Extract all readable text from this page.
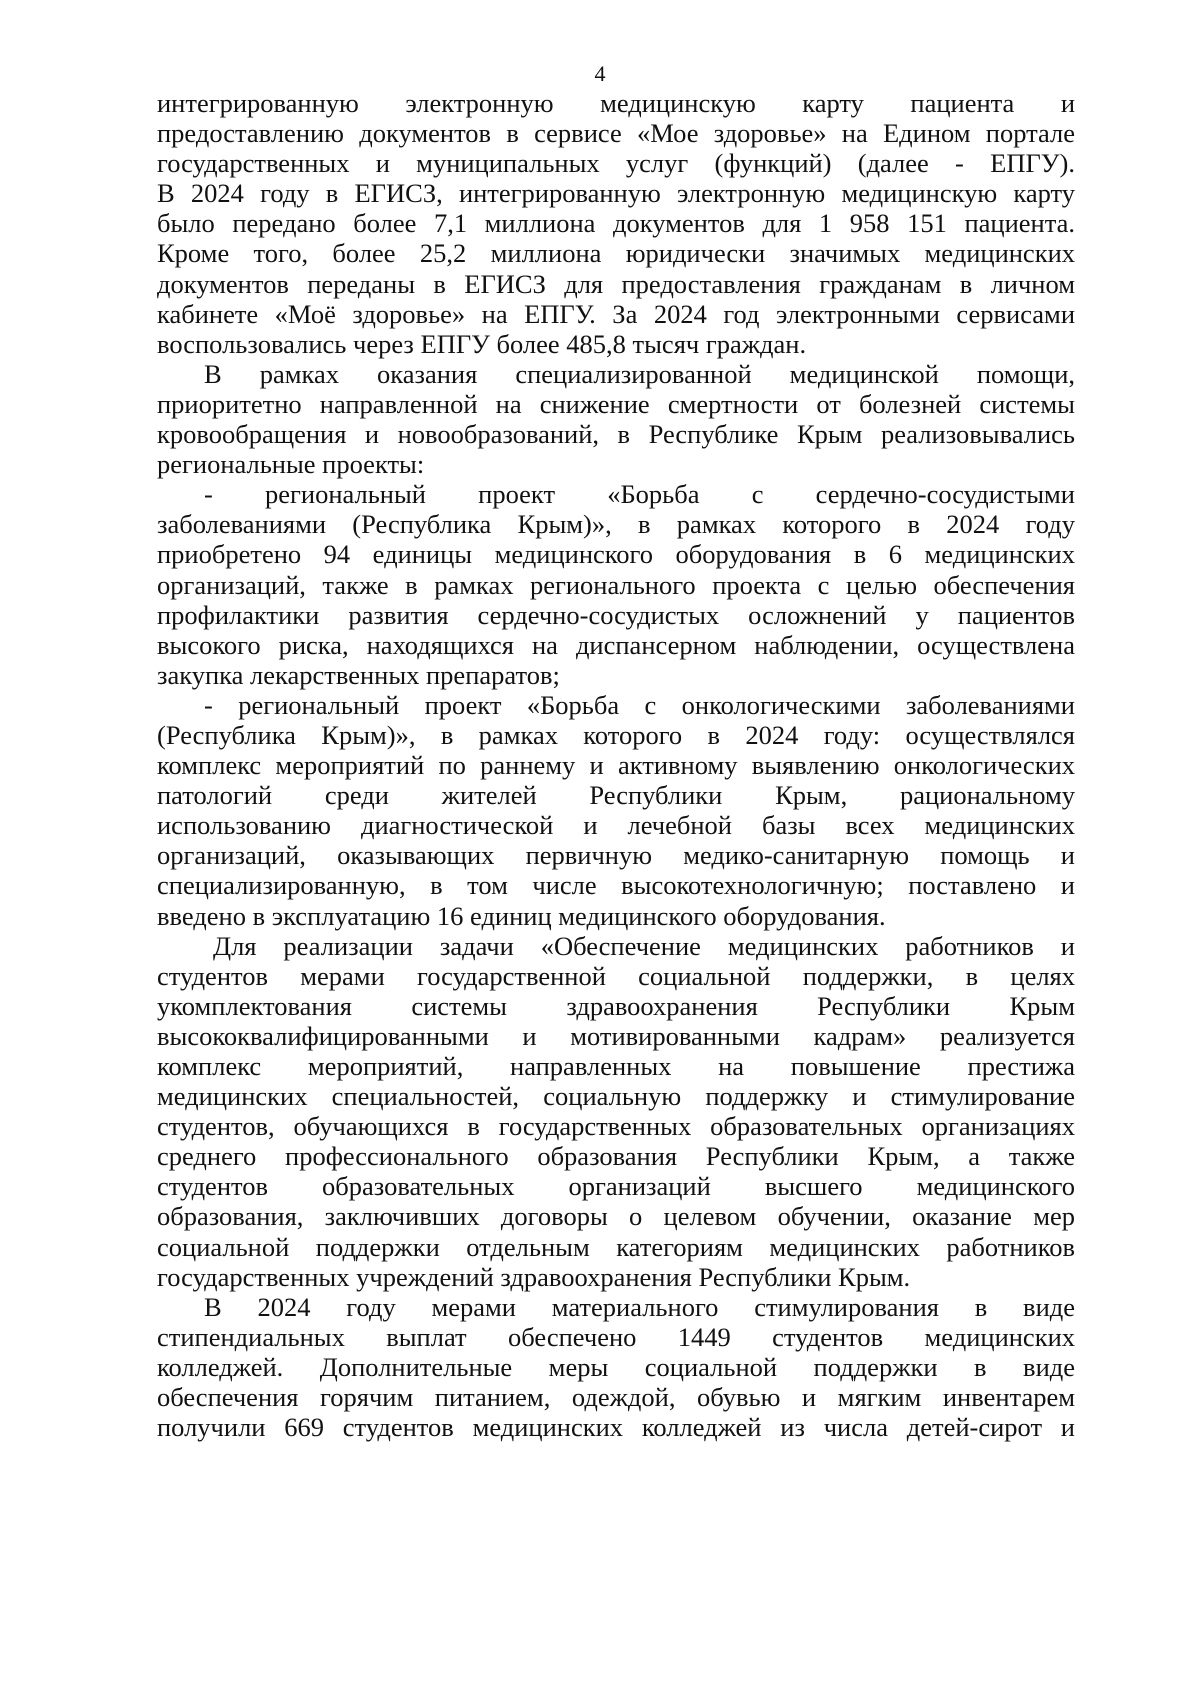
4
интегрированную электронную медицинскую карту пациента и
предоставлению документов в сервисе «Мое здоровье» на Едином портале
государственных и муниципальных услуг (функций) (далее - ЕПГУ).
В 2024 году в ЕГИСЗ, интегрированную электронную медицинскую карту
было передано более 7,1 миллиона документов для 1 958 151 пациента.
Кроме того, более 25,2 миллиона юридически значимых медицинских
документов переданы в ЕГИСЗ для предоставления гражданам в личном
кабинете «Моё здоровье» на ЕПГУ. За 2024 год электронными сервисами
воспользовались через ЕПГУ более 485,8 тысяч граждан.
В рамках оказания специализированной медицинской помощи,
приоритетно направленной на снижение смертности от болезней системы
кровообращения и новообразований, в Республике Крым реализовывались
региональные проекты:
- региональный проект «Борьба с сердечно-сосудистыми
заболеваниями (Республика Крым)», в рамках которого в 2024 году
приобретено 94 единицы медицинского оборудования в 6 медицинских
организаций, также в рамках регионального проекта с целью обеспечения
профилактики развития сердечно-сосудистых осложнений у пациентов
высокого риска, находящихся на диспансерном наблюдении, осуществлена
закупка лекарственных препаратов;
- региональный проект «Борьба с онкологическими заболеваниями
(Республика Крым)», в рамках которого в 2024 году: осуществлялся
комплекс мероприятий по раннему и активному выявлению онкологических
патологий среди жителей Республики Крым, рациональному
использованию диагностической и лечебной базы всех медицинских
организаций, оказывающих первичную медико-санитарную помощь и
специализированную, в том числе высокотехнологичную; поставлено и
введено в эксплуатацию 16 единиц медицинского оборудования.
Для реализации задачи «Обеспечение медицинских работников и
студентов мерами государственной социальной поддержки, в целях
укомплектования системы здравоохранения Республики Крым
высококвалифицированными и мотивированными кадрам» реализуется
комплекс мероприятий, направленных на повышение престижа
медицинских специальностей, социальную поддержку и стимулирование
студентов, обучающихся в государственных образовательных организациях
среднего профессионального образования Республики Крым, а также
студентов образовательных организаций высшего медицинского
образования, заключивших договоры о целевом обучении, оказание мер
социальной поддержки отдельным категориям медицинских работников
государственных учреждений здравоохранения Республики Крым.
В 2024 году мерами материального стимулирования в виде
стипендиальных выплат обеспечено 1449 студентов медицинских
колледжей. Дополнительные меры социальной поддержки в виде
обеспечения горячим питанием, одеждой, обувью и мягким инвентарем
получили 669 студентов медицинских колледжей из числа детей-сирот и
